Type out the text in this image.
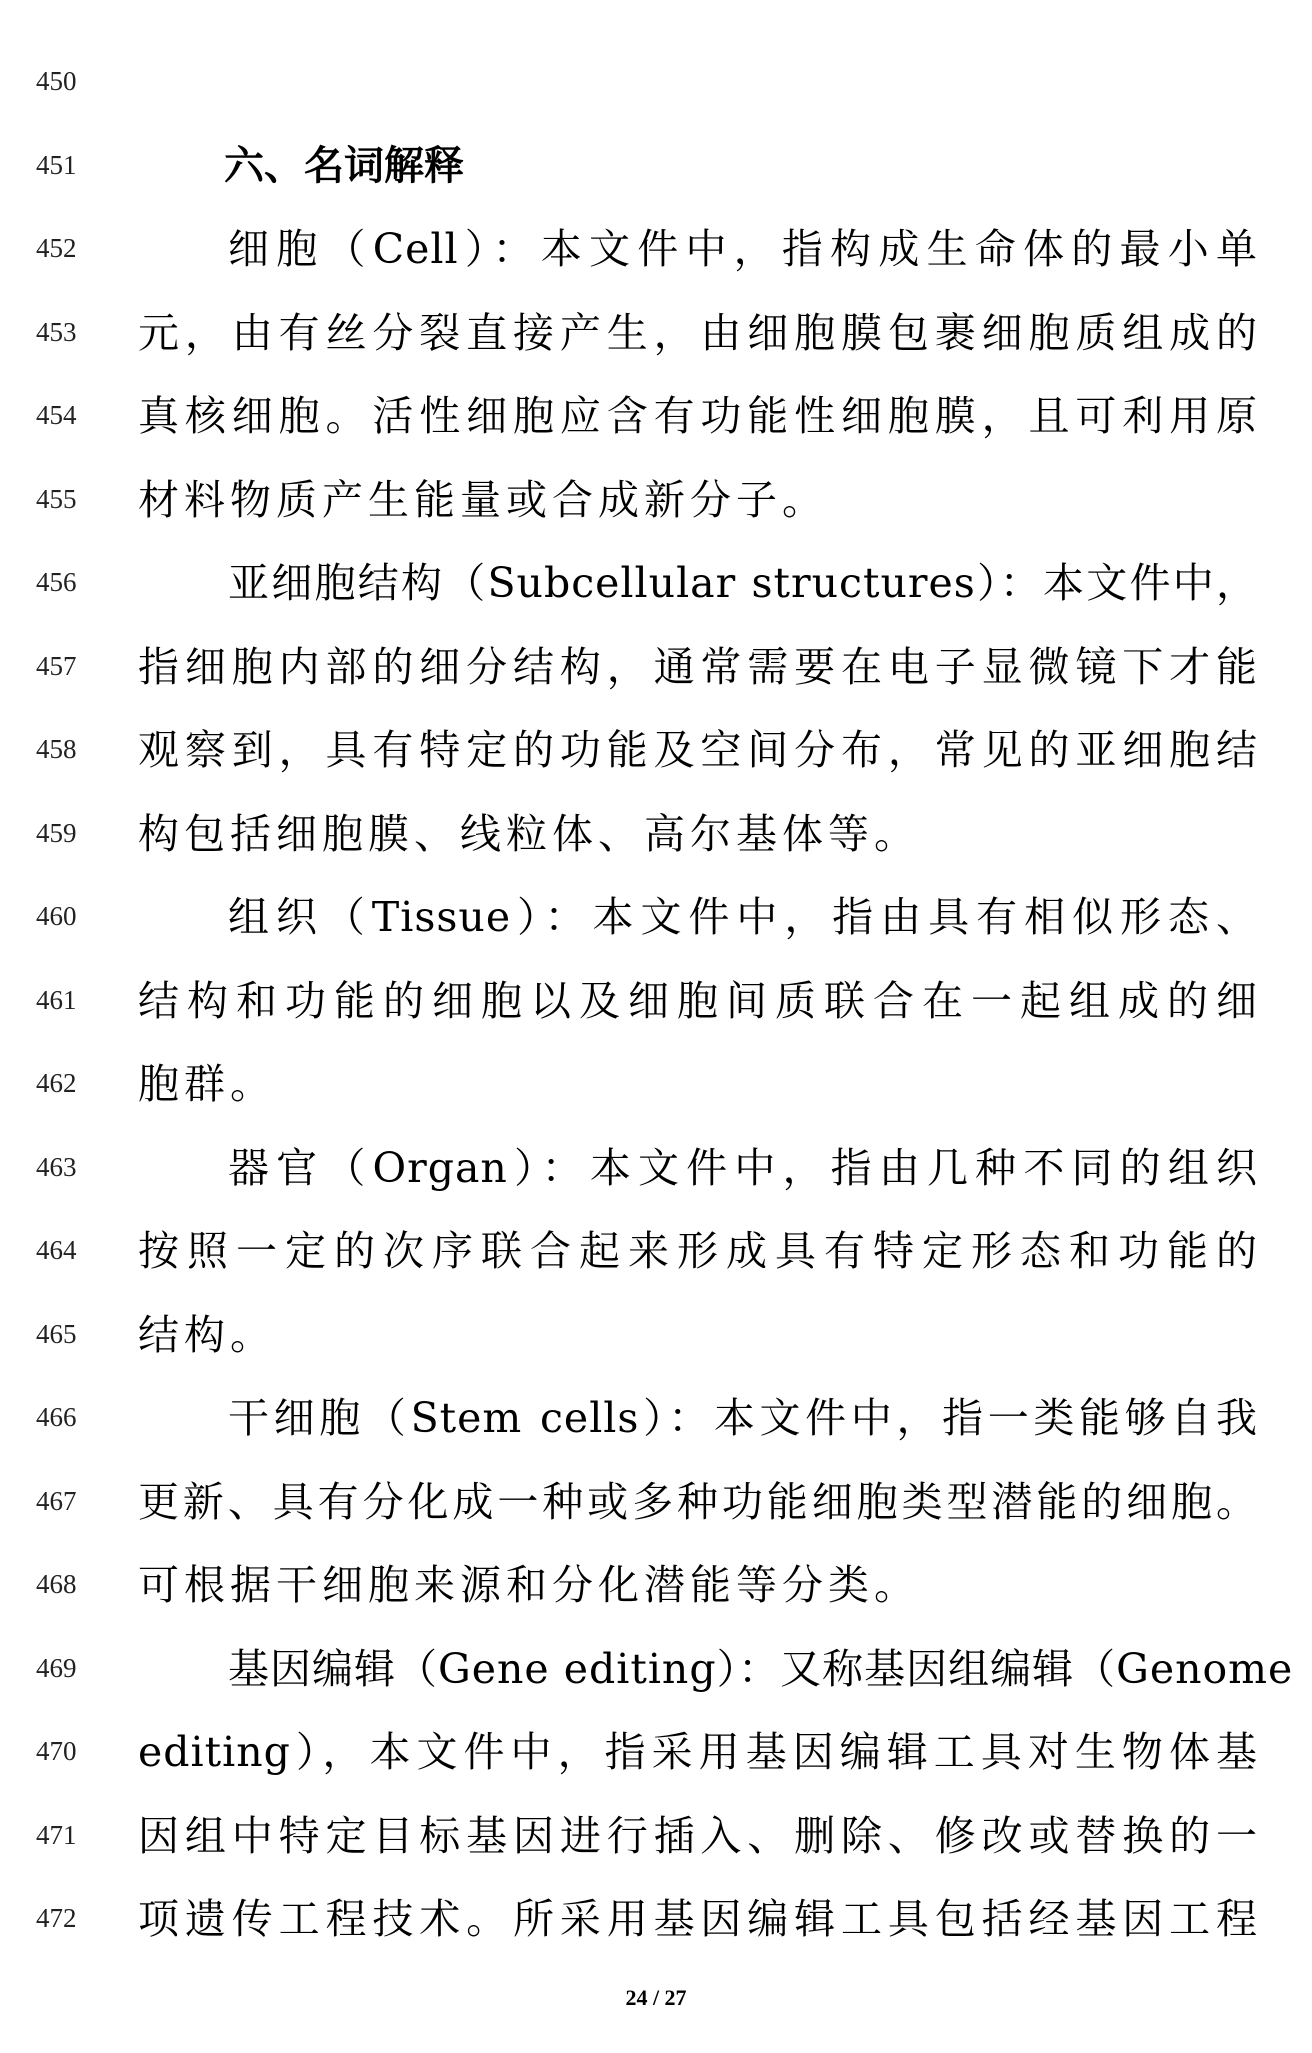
450
451	六、名词解释
452	细胞（Cell）：本文件中，指构成生命体的最小单
453	元，由有丝分裂直接产生，由细胞膜包裹细胞质组成的
454	真核细胞。活性细胞应含有功能性细胞膜，且可利用原
455	材料物质产生能量或合成新分子。
456	亚细胞结构（Subcellular structures）：本文件中，
457	指细胞内部的细分结构，通常需要在电子显微镜下才能
458	观察到，具有特定的功能及空间分布，常见的亚细胞结
459	构包括细胞膜、线粒体、高尔基体等。
460	组织（Tissue）：本文件中，指由具有相似形态、
461	结构和功能的细胞以及细胞间质联合在一起组成的细
462	胞群。
463	器官（Organ）：本文件中，指由几种不同的组织
464	按照一定的次序联合起来形成具有特定形态和功能的
465	结构。
466	干细胞（Stem cells）：本文件中，指一类能够自我
467	更新、具有分化成一种或多种功能细胞类型潜能的细胞。
468	可根据干细胞来源和分化潜能等分类。
469	基因编辑（Gene editing）：又称基因组编辑（Genome
470	editing），本文件中，指采用基因编辑工具对生物体基
471	因组中特定目标基因进行插入、删除、修改或替换的一
472	项遗传工程技术。所采用基因编辑工具包括经基因工程
24 / 27
